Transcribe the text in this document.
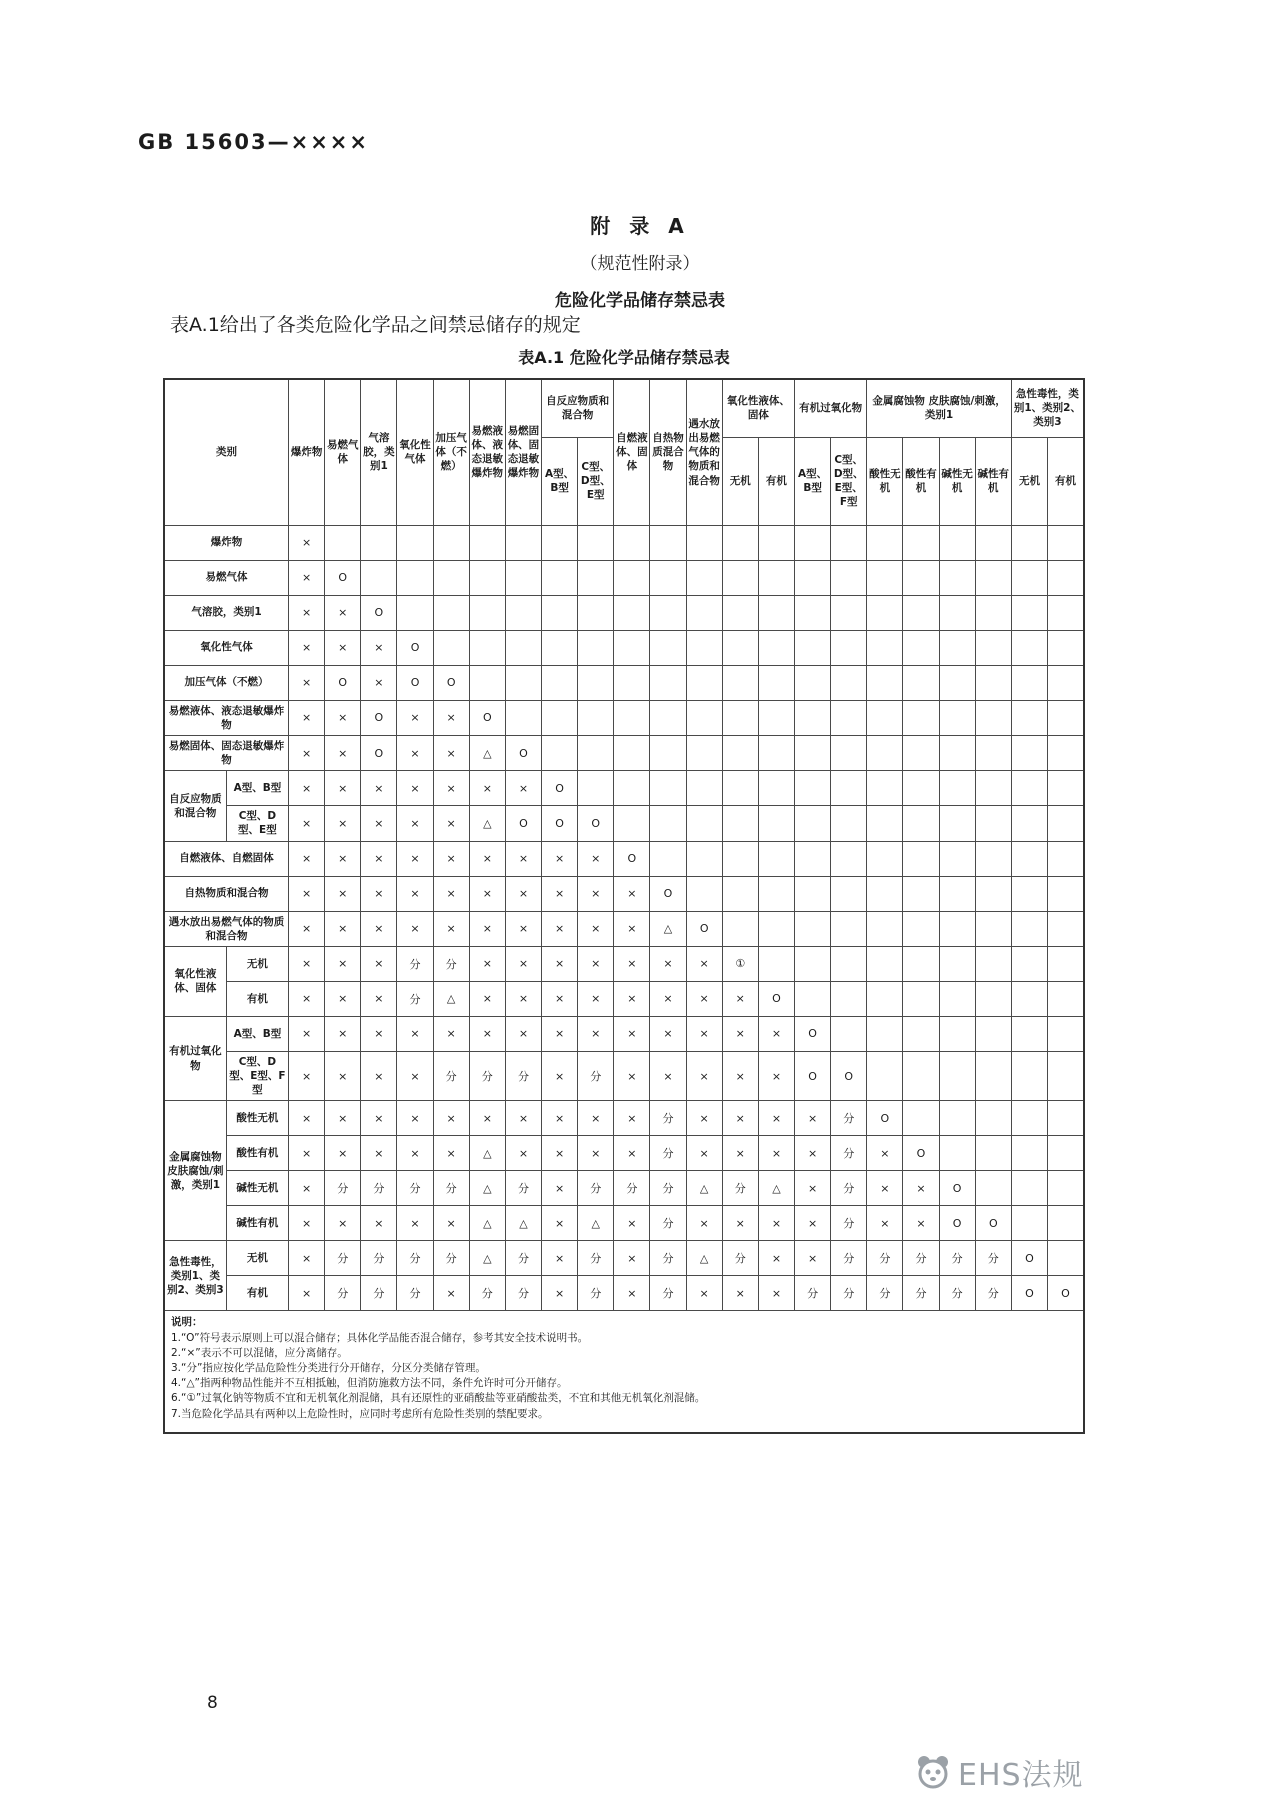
GB 15603—××××
附 录 A
（规范性附录）
危险化学品储存禁忌表
表A.1给出了各类危险化学品之间禁忌储存的规定
表A.1 危险化学品储存禁忌表
类别		爆炸物	易燃气体	气溶胶，类别1	氧化性气体	加压气体（不燃）	易燃液体、液态退敏爆炸物	易燃固体、固态退敏爆炸物	自反应物质和混合物		自燃液体、固体	自热物质混合物	遇水放出易燃气体的物质和混合物	氧化性液体、固体		有机过氧化物		金属腐蚀物 皮肤腐蚀/刺激，类别1				急性毒性，类别1、类别2、类别3	
									A型、B型	C型、D型、E型				无机	有机	A型、B型	C型、D型、E型、F型	酸性无机	酸性有机	碱性无机	碱性有机	无机	有机
爆炸物		×																					
易燃气体		×	O																				
气溶胶，类别1		×	×	O																			
氧化性气体		×	×	×	O																		
加压气体（不燃）		×	O	×	O	O																	
易燃液体、液态退敏爆炸物		×	×	O	×	×	O																
易燃固体、固态退敏爆炸物		×	×	O	×	×	△	O															
自反应物质和混合物	A型、B型	×	×	×	×	×	×	×	O														
	C型、D型、E型	×	×	×	×	×	△	O	O	O													
自燃液体、自燃固体		×	×	×	×	×	×	×	×	×	O												
自热物质和混合物		×	×	×	×	×	×	×	×	×	×	O											
遇水放出易燃气体的物质和混合物		×	×	×	×	×	×	×	×	×	×	△	O										
氧化性液体、固体	无机	×	×	×	分	分	×	×	×	×	×	×	×	①									
	有机	×	×	×	分	△	×	×	×	×	×	×	×	×	O								
有机过氧化物	A型、B型	×	×	×	×	×	×	×	×	×	×	×	×	×	×	O							
	C型、D型、E型、F型	×	×	×	×	分	分	分	×	分	×	×	×	×	×	O	O						
金属腐蚀物 皮肤腐蚀/刺激，类别1	酸性无机	×	×	×	×	×	×	×	×	×	×	分	×	×	×	×	分	O					
	酸性有机	×	×	×	×	×	△	×	×	×	×	分	×	×	×	×	分	×	O				
	碱性无机	×	分	分	分	分	△	分	×	分	分	分	△	分	△	×	分	×	×	O			
	碱性有机	×	×	×	×	×	△	△	×	△	×	分	×	×	×	×	分	×	×	O	O		
急性毒性，类别1、类别2、类别3	无机	×	分	分	分	分	△	分	×	分	×	分	△	分	×	×	分	分	分	分	分	O	
	有机	×	分	分	分	×	分	分	×	分	×	分	×	×	×	分	分	分	分	分	分	O	O

说明：
1.“O”符号表示原则上可以混合储存；具体化学品能否混合储存，参考其安全技术说明书。
2.“×”表示不可以混储，应分离储存。
3.“分”指应按化学品危险性分类进行分开储存，分区分类储存管理。
4.“△”指两种物品性能并不互相抵触，但消防施救方法不同，条件允许时可分开储存。
6.“①”过氧化钠等物质不宜和无机氧化剂混储，具有还原性的亚硝酸盐等亚硝酸盐类，不宜和其他无机氧化剂混储。
7.当危险化学品具有两种以上危险性时，应同时考虑所有危险性类别的禁配要求。
8
EHS法规
